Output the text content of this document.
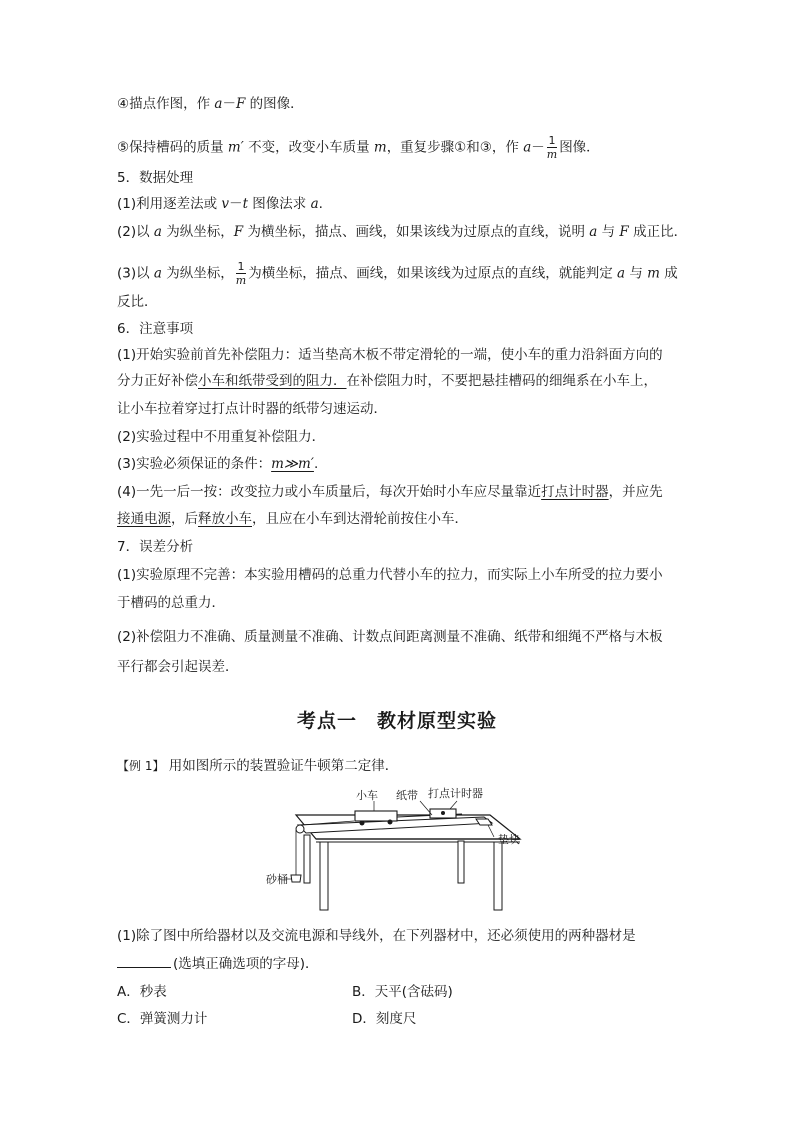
④描点作图，作 a－F 的图像．
⑤保持槽码的质量 m′ 不变，改变小车质量 m，重复步骤①和③，作 $a- \frac{1}{m}$ 图像．
5．数据处理
(1)利用逐差法或 v－t 图像法求 a.
(2)以 a 为纵坐标，F 为横坐标，描点、画线，如果该线为过原点的直线，说明 a 与 F 成正比．
(3)以 a 为纵坐标， $\frac{1}{m}$ 为横坐标，描点、画线，如果该线为过原点的直线，就能判定 a 与 m 成
反比．
6．注意事项
(1)开始实验前首先补偿阻力：适当垫高木板不带定滑轮的一端，使小车的重力沿斜面方向的
分力正好补偿小车和纸带受到的阻力．在补偿阻力时，不要把悬挂槽码的细绳系在小车上，
让小车拉着穿过打点计时器的纸带匀速运动．
(2)实验过程中不用重复补偿阻力．
(3)实验必须保证的条件：m≫m′.
(4)一先一后一按：改变拉力或小车质量后，每次开始时小车应尽量靠近打点计时器，并应先
接通电源，后释放小车，且应在小车到达滑轮前按住小车．
7．误差分析
(1)实验原理不完善：本实验用槽码的总重力代替小车的拉力，而实际上小车所受的拉力要小
于槽码的总重力．
(2)补偿阻力不准确、质量测量不准确、计数点间距离测量不准确、纸带和细绳不严格与木板
平行都会引起误差．
考点一　教材原型实验
【例 1】 用如图所示的装置验证牛顿第二定律．
小车 纸带 打点计时器
垫块
砂桶
(1)除了图中所给器材以及交流电源和导线外，在下列器材中，还必须使用的两种器材是
(选填正确选项的字母)．
A．秒表	B．天平(含砝码)
C．弹簧测力计	D．刻度尺
